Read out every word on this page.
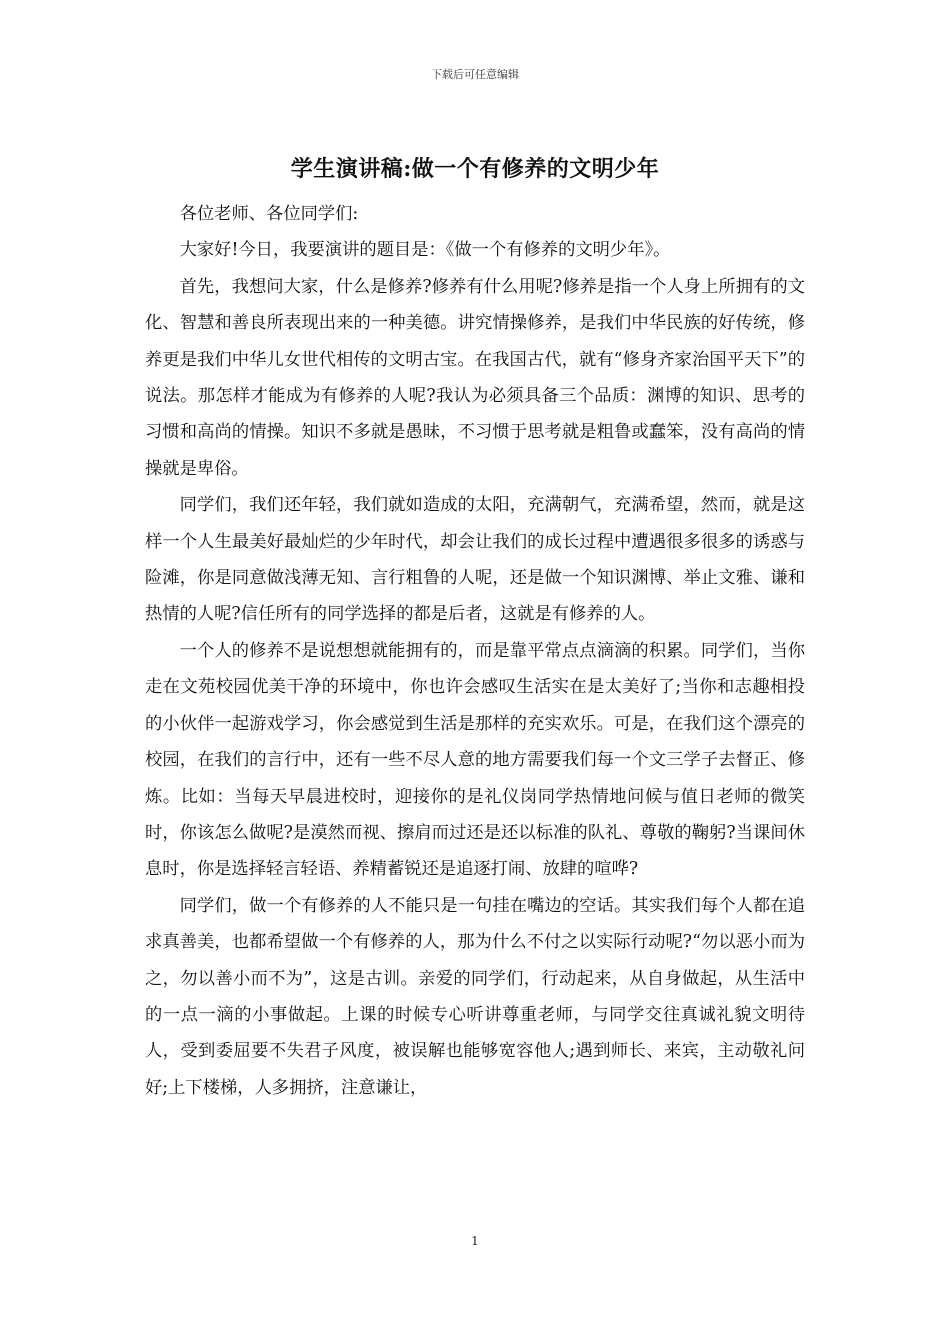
下载后可任意编辑
学生演讲稿:做一个有修养的文明少年

各位老师、各位同学们:

大家好!今日，我要演讲的题目是：《做一个有修养的文明少年》。

首先，我想问大家，什么是修养?修养有什么用呢?修养是指一个人身上所拥有的文化、智慧和善良所表现出来的一种美德。讲究情操修养，是我们中华民族的好传统，修养更是我们中华儿女世代相传的文明古宝。在我国古代，就有“修身齐家治国平天下”的说法。那怎样才能成为有修养的人呢?我认为必须具备三个品质：渊博的知识、思考的习惯和高尚的情操。知识不多就是愚昧，不习惯于思考就是粗鲁或蠢笨，没有高尚的情操就是卑俗。

同学们，我们还年轻，我们就如造成的太阳，充满朝气，充满希望，然而，就是这样一个人生最美好最灿烂的少年时代，却会让我们的成长过程中遭遇很多很多的诱惑与险滩，你是同意做浅薄无知、言行粗鲁的人呢，还是做一个知识渊博、举止文雅、谦和热情的人呢?信任所有的同学选择的都是后者，这就是有修养的人。

一个人的修养不是说想想就能拥有的，而是靠平常点点滴滴的积累。同学们，当你走在文苑校园优美干净的环境中，你也许会感叹生活实在是太美好了;当你和志趣相投的小伙伴一起游戏学习，你会感觉到生活是那样的充实欢乐。可是，在我们这个漂亮的校园，在我们的言行中，还有一些不尽人意的地方需要我们每一个文三学子去督正、修炼。比如：当每天早晨进校时，迎接你的是礼仪岗同学热情地问候与值日老师的微笑时，你该怎么做呢?是漠然而视、擦肩而过还是还以标准的队礼、尊敬的鞠躬?当课间休息时，你是选择轻言轻语、养精蓄锐还是追逐打闹、放肆的喧哗?

同学们，做一个有修养的人不能只是一句挂在嘴边的空话。其实我们每个人都在追求真善美，也都希望做一个有修养的人，那为什么不付之以实际行动呢?“勿以恶小而为之，勿以善小而不为”，这是古训。亲爱的同学们，行动起来，从自身做起，从生活中的一点一滴的小事做起。上课的时候专心听讲尊重老师，与同学交往真诚礼貌文明待人，受到委屈要不失君子风度，被误解也能够宽容他人;遇到师长、来宾，主动敬礼问好;上下楼梯，人多拥挤，注意谦让，

1
